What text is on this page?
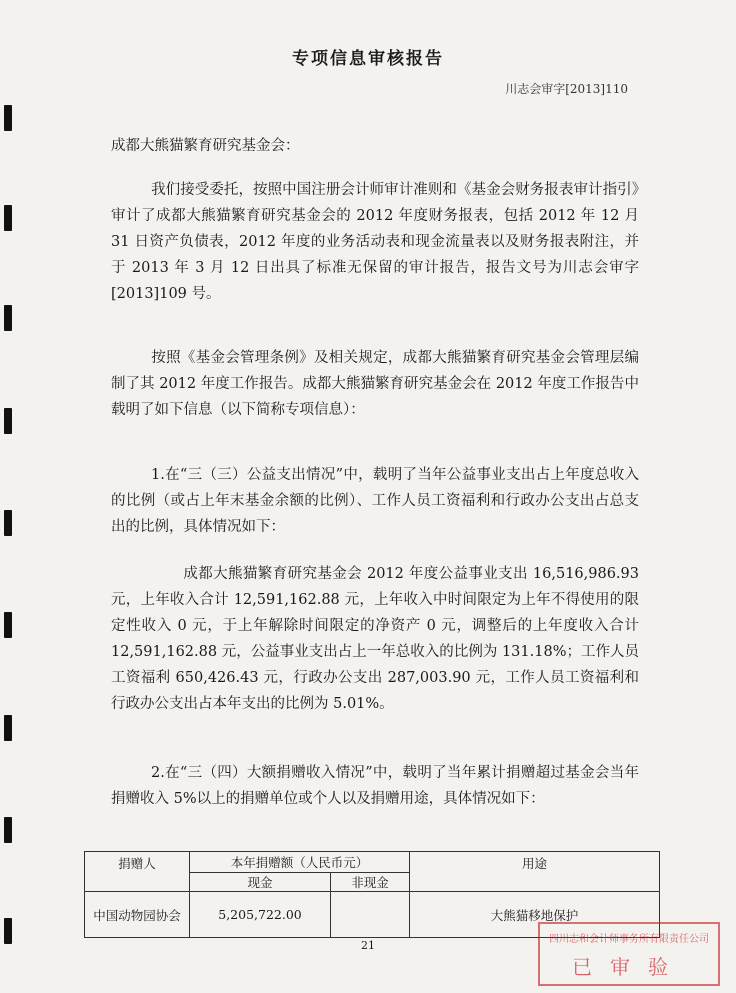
专项信息审核报告
川志会审字[2013]110
成都大熊猫繁育研究基金会：

我们接受委托，按照中国注册会计师审计准则和《基金会财务报表审计指引》审计了成都大熊猫繁育研究基金会的 2012 年度财务报表，包括 2012 年 12 月 31 日资产负债表，2012 年度的业务活动表和现金流量表以及财务报表附注，并于 2013 年 3 月 12 日出具了标准无保留的审计报告，报告文号为川志会审字[2013]109 号。

按照《基金会管理条例》及相关规定，成都大熊猫繁育研究基金会管理层编制了其 2012 年度工作报告。成都大熊猫繁育研究基金会在 2012 年度工作报告中载明了如下信息（以下简称专项信息）：

1.在“三（三）公益支出情况”中，载明了当年公益事业支出占上年度总收入的比例（或占上年末基金余额的比例）、工作人员工资福利和行政办公支出占总支出的比例，具体情况如下：

成都大熊猫繁育研究基金会 2012 年度公益事业支出 16,516,986.93 元，上年收入合计 12,591,162.88 元，上年收入中时间限定为上年不得使用的限定性收入 0 元，于上年解除时间限定的净资产 0 元，调整后的上年度收入合计 12,591,162.88 元，公益事业支出占上一年总收入的比例为 131.18%；工作人员工资福利 650,426.43 元，行政办公支出 287,003.90 元，工作人员工资福利和行政办公支出占本年支出的比例为 5.01%。

2.在“三（四）大额捐赠收入情况”中，载明了当年累计捐赠超过基金会当年捐赠收入 5%以上的捐赠单位或个人以及捐赠用途，具体情况如下：

捐赠人	本年捐赠额（人民币元）		用途
	现金	非现金	
中国动物园协会	5,205,722.00		大熊猫移地保护
21	四川志和会计师事务所有限责任公司
已审验
